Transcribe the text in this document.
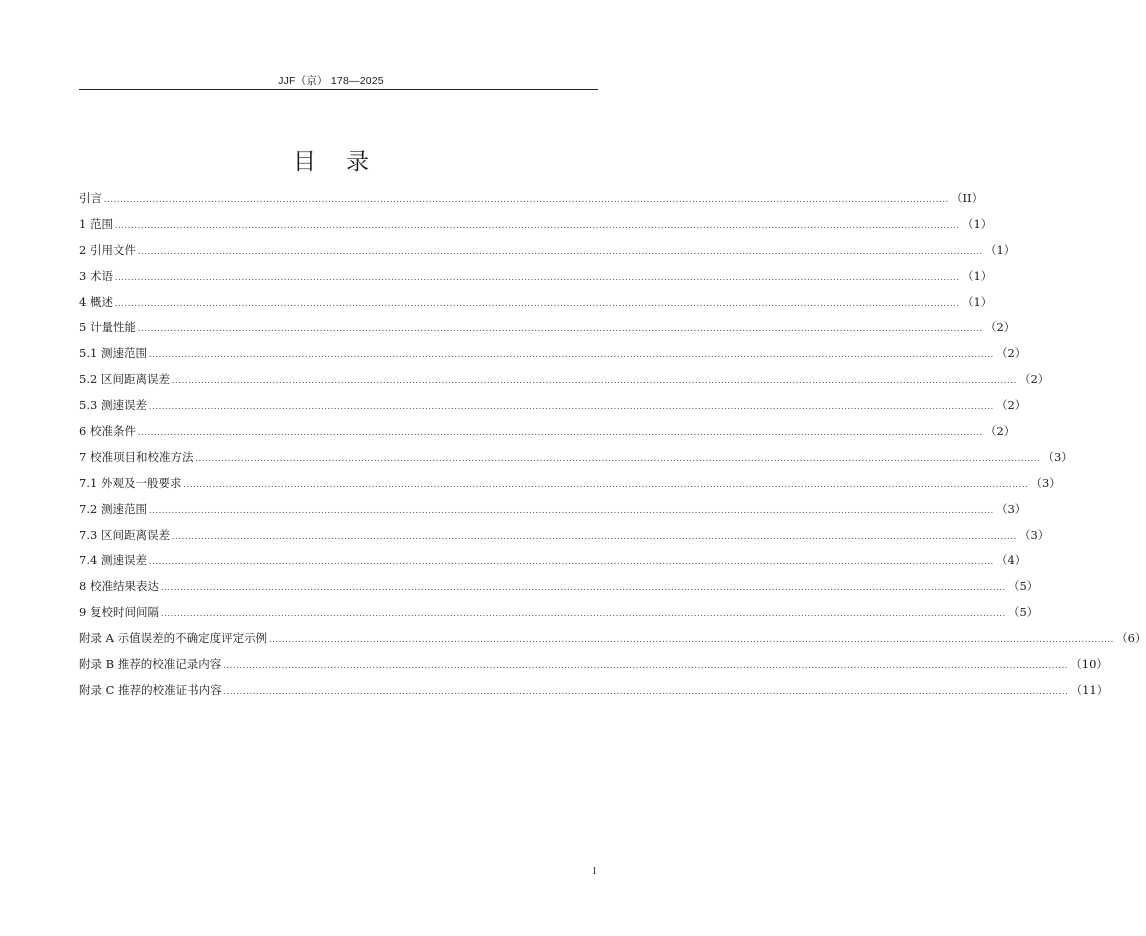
JJF（京） 178—2025
目录
引言 .................................................................................................................................................................................................................................................................... （II）
1 范围 .................................................................................................................................................................................................................................................................... （1）
2 引用文件 .................................................................................................................................................................................................................................................................... （1）
3 术语 .................................................................................................................................................................................................................................................................... （1）
4 概述 .................................................................................................................................................................................................................................................................... （1）
5 计量性能 .................................................................................................................................................................................................................................................................... （2）
5.1 测速范围 .................................................................................................................................................................................................................................................................... （2）
5.2 区间距离误差 .................................................................................................................................................................................................................................................................... （2）
5.3 测速误差 .................................................................................................................................................................................................................................................................... （2）
6 校准条件 .................................................................................................................................................................................................................................................................... （2）
7 校准项目和校准方法 .................................................................................................................................................................................................................................................................... （3）
7.1 外观及一般要求 .................................................................................................................................................................................................................................................................... （3）
7.2 测速范围 .................................................................................................................................................................................................................................................................... （3）
7.3 区间距离误差 .................................................................................................................................................................................................................................................................... （3）
7.4 测速误差 .................................................................................................................................................................................................................................................................... （4）
8 校准结果表达 .................................................................................................................................................................................................................................................................... （5）
9 复校时间间隔 .................................................................................................................................................................................................................................................................... （5）
附录 A 示值误差的不确定度评定示例 .................................................................................................................................................................................................................................................................... （6）
附录 B 推荐的校准记录内容 .................................................................................................................................................................................................................................................................... （10）
附录 C 推荐的校准证书内容 .................................................................................................................................................................................................................................................................... （11）
1
